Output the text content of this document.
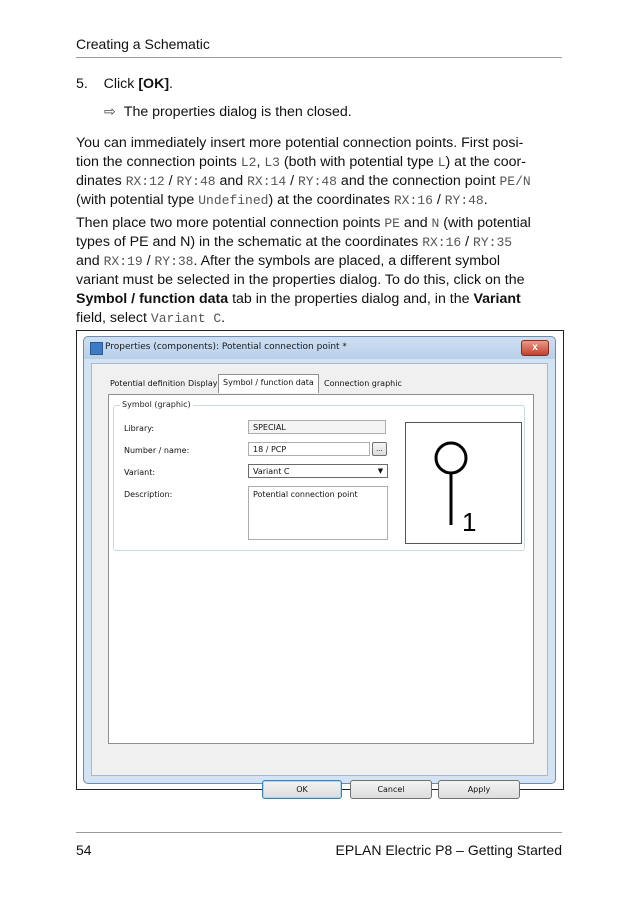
Creating a Schematic
5. Click [OK].
⇨ The properties dialog is then closed.
You can immediately insert more potential connection points. First posi-
tion the connection points L2, L3 (both with potential type L) at the coor-
dinates RX:12 / RY:48 and RX:14 / RY:48 and the connection point PE/N
(with potential type Undefined) at the coordinates RX:16 / RY:48.
Then place two more potential connection points PE and N (with potential
types of PE and N) in the schematic at the coordinates RX:16 / RY:35
and RX:19 / RY:38. After the symbols are placed, a different symbol
variant must be selected in the properties dialog. To do this, click on the
Symbol / function data tab in the properties dialog and, in the Variant
field, select Variant C.
Properties (components): Potential connection point *	x
Potential definition Display Symbol / function data	Connection graphic
Symbol (graphic)
Library:	SPECIAL
Number / name:	18 / PCP	...
Variant:	Variant C	▼
Description:	Potential connection point
1
OK	Cancel	Apply
54	EPLAN Electric P8 – Getting Started
